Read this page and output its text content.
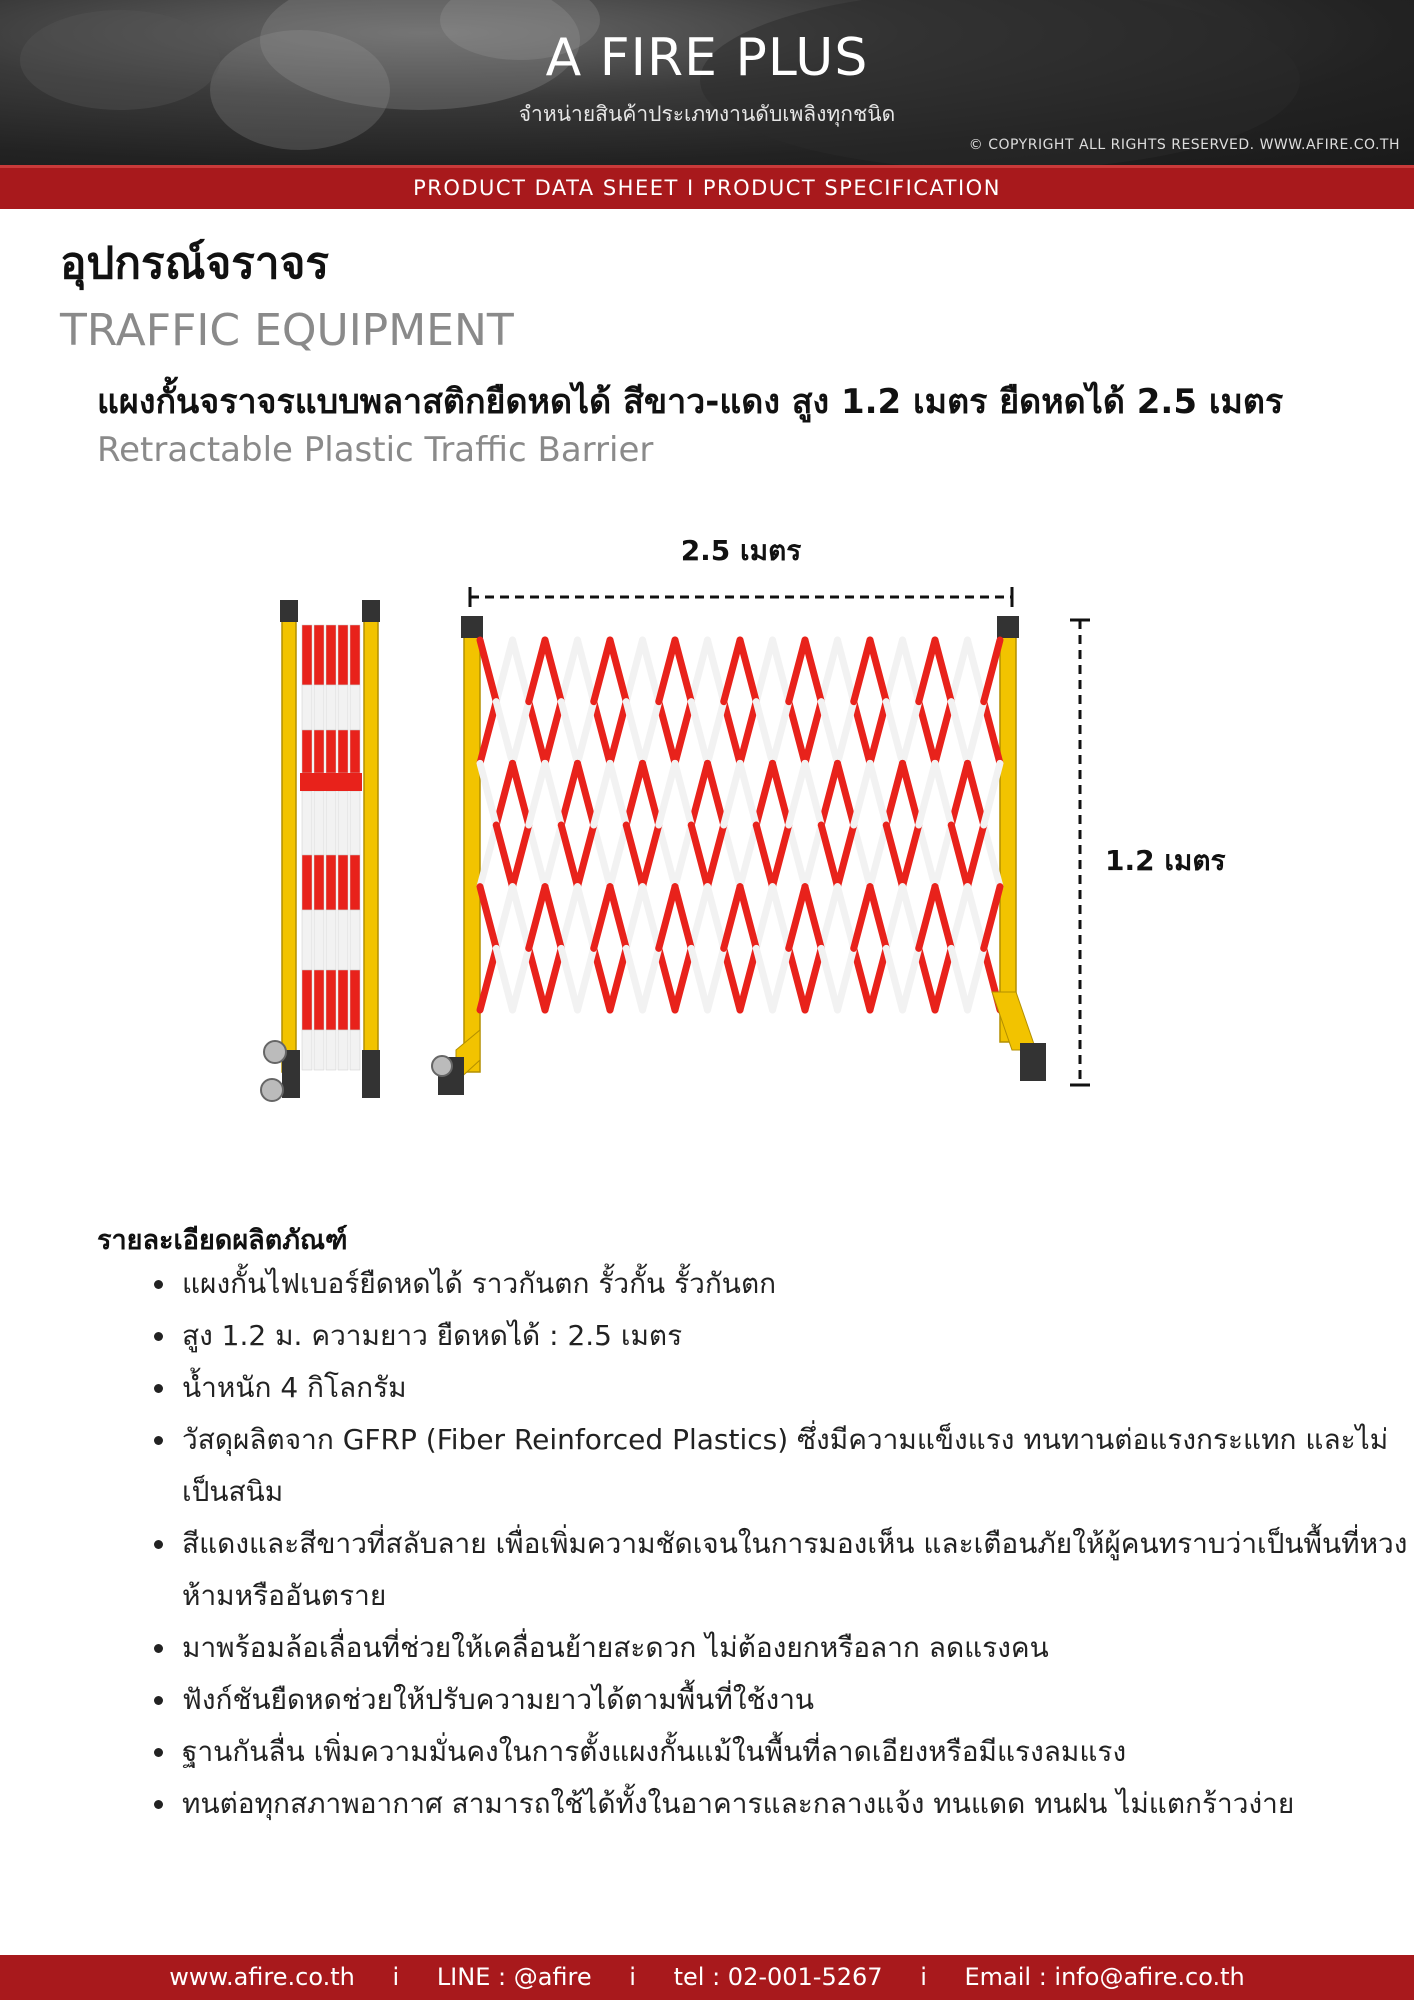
A FIRE PLUS
จำหน่ายสินค้าประเภทงานดับเพลิงทุกชนิด
© COPYRIGHT ALL RIGHTS RESERVED. WWW.AFIRE.CO.TH
PRODUCT DATA SHEET I PRODUCT SPECIFICATION
อุปกรณ์จราจร
TRAFFIC EQUIPMENT
แผงกั้นจราจรแบบพลาสติกยืดหดได้ สีขาว-แดง สูง 1.2 เมตร ยืดหดได้ 2.5 เมตร
Retractable Plastic Traffic Barrier
2.5 เมตร
1.2 เมตร
รายละเอียดผลิตภัณฑ์
• แผงกั้นไฟเบอร์ยืดหดได้ ราวกันตก รั้วกั้น รั้วกันตก
• สูง 1.2 ม. ความยาว ยืดหดได้ : 2.5 เมตร
• น้ำหนัก 4 กิโลกรัม
• วัสดุผลิตจาก GFRP (Fiber Reinforced Plastics) ซึ่งมีความแข็งแรง ทนทานต่อแรงกระแทก และไม่เป็นสนิม
• สีแดงและสีขาวที่สลับลาย เพื่อเพิ่มความชัดเจนในการมองเห็น และเตือนภัยให้ผู้คนทราบว่าเป็นพื้นที่หวงห้ามหรืออันตราย
• มาพร้อมล้อเลื่อนที่ช่วยให้เคลื่อนย้ายสะดวก ไม่ต้องยกหรือลาก ลดแรงคน
• ฟังก์ชันยืดหดช่วยให้ปรับความยาวได้ตามพื้นที่ใช้งาน
• ฐานกันลื่น เพิ่มความมั่นคงในการตั้งแผงกั้นแม้ในพื้นที่ลาดเอียงหรือมีแรงลมแรง
• ทนต่อทุกสภาพอากาศ สามารถใช้ได้ทั้งในอาคารและกลางแจ้ง ทนแดด ทนฝน ไม่แตกร้าวง่าย
www.afire.co.th i LINE : @afire i tel : 02-001-5267 i Email : info@afire.co.th
